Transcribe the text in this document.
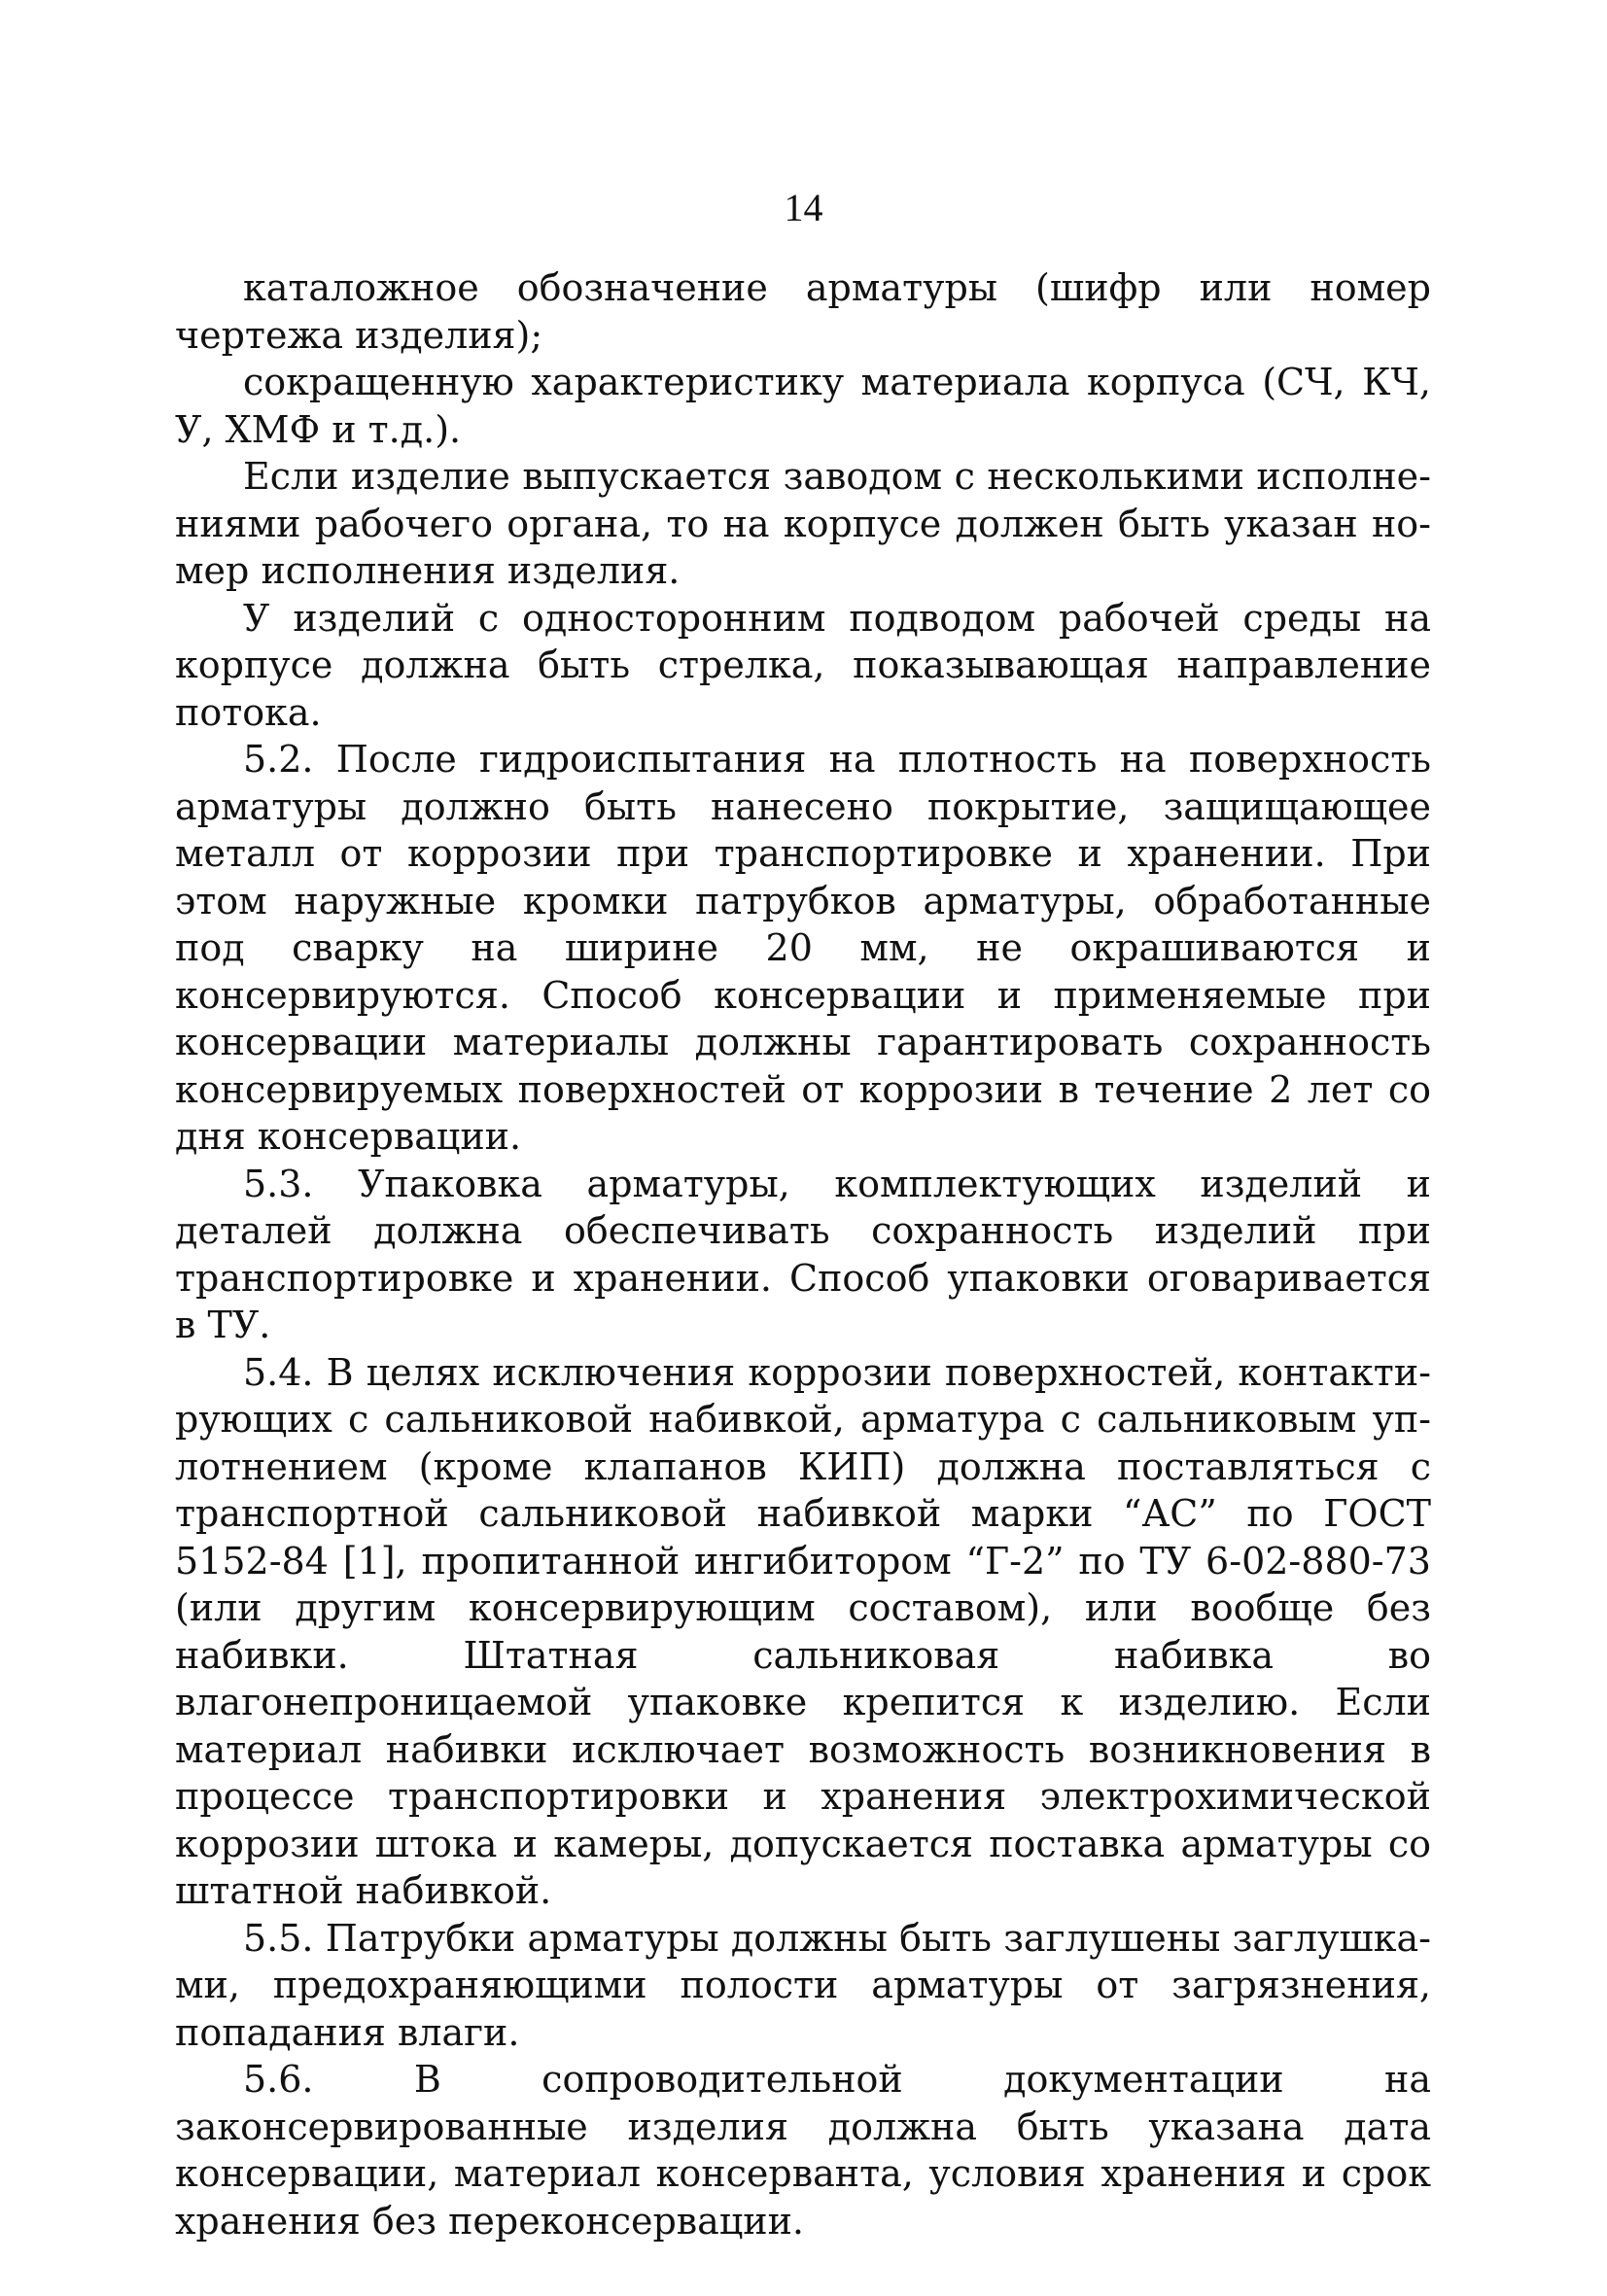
14

каталожное обозначение арматуры (шифр или номер чертежа изделия);

сокращенную характеристику материала корпуса (СЧ, КЧ, У, ХМФ и т.д.).

Если изделие выпускается заводом с несколькими исполнениями рабочего органа, то на корпусе должен быть указан номер исполнения изделия.

У изделий с односторонним подводом рабочей среды на корпусе должна быть стрелка, показывающая направление потока.

5.2. После гидроиспытания на плотность на поверхность арматуры должно быть нанесено покрытие, защищающее металл от коррозии при транспортировке и хранении. При этом наружные кромки патрубков арматуры, обработанные под сварку на ширине 20 мм, не окрашиваются и консервируются. Способ консервации и применяемые при консервации материалы должны гарантировать сохранность консервируемых поверхностей от коррозии в течение 2 лет со дня консервации.

5.3. Упаковка арматуры, комплектующих изделий и деталей должна обеспечивать сохранность изделий при транспортировке и хранении. Способ упаковки оговаривается в ТУ.

5.4. В целях исключения коррозии поверхностей, контактирующих с сальниковой набивкой, арматура с сальниковым уплотнением (кроме клапанов КИП) должна поставляться с транспортной сальниковой набивкой марки “АС” по ГОСТ 5152-84 [1], пропитанной ингибитором “Г-2” по ТУ 6-02-880-73 (или другим консервирующим составом), или вообще без набивки. Штатная сальниковая набивка во влагонепроницаемой упаковке крепится к изделию. Если материал набивки исключает возможность возникновения в процессе транспортировки и хранения электрохимической коррозии штока и камеры, допускается поставка арматуры со штатной набивкой.

5.5. Патрубки арматуры должны быть заглушены заглушками, предохраняющими полости арматуры от загрязнения, попадания влаги.

5.6. В сопроводительной документации на законсервированные изделия должна быть указана дата консервации, материал консерванта, условия хранения и срок хранения без переконсервации.
